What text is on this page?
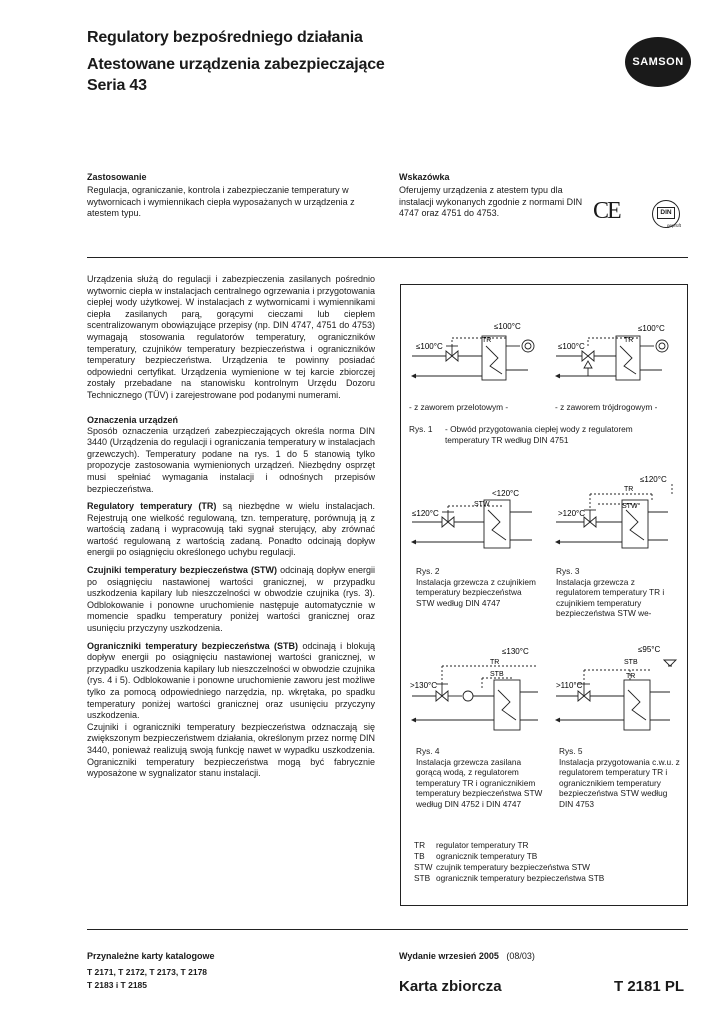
Regulatory bezpośredniego działania
Atestowane urządzenia zabezpieczające
Seria 43
SAMSON
Zastosowanie

Regulacja, ograniczanie, kontrola i zabezpieczanie temperatury w wytwornicach i wymiennikach ciepła wyposażanych w urządzenia z atestem typu.

Wskazówka

Oferujemy urządzenia z atestem typu dla instalacji wykonanych zgodnie z normami DIN 4747 oraz 4751 do 4753.	CE	DIN
geprüft

Urządzenia służą do regulacji i zabezpieczenia zasilanych pośrednio wytwornic ciepła w instalacjach centralnego ogrzewania i przygotowania ciepłej wody użytkowej. W instalacjach z wytwornicami i wymiennikami ciepła zasilanych parą, gorącymi cieczami lub ciepłem scentralizowanym obowiązujące przepisy (np. DIN 4747, 4751 do 4753) wymagają stosowania regulatorów temperatury, ograniczników temperatury, czujników temperatury bezpieczeństwa i ograniczników temperatury bezpieczeństwa. Urządzenia te powinny posiadać odpowiedni certyfikat. Urządzenia wymienione w tej karcie zbiorczej zostały przebadane na stanowisku kontrolnym Urzędu Dozoru Technicznego (TÜV) i zarejestrowane pod podanymi numerami.

Oznaczenia urządzeń

Sposób oznaczenia urządzeń zabezpieczających określa norma DIN 3440 (Urządzenia do regulacji i ograniczania temperatury w instalacjach grzewczych). Temperatury podane na rys. 1 do 5 stanowią tylko propozycje zastosowania wymienionych urządzeń. Niezbędny osprzęt musi spełniać wymagania instalacji i odnośnych przepisów bezpieczeństwa.

Regulatory temperatury (TR) są niezbędne w wielu instalacjach. Rejestrują one wielkość regulowaną, tzn. temperaturę, porównują ją z wartością zadaną i wypracowują taki sygnał sterujący, aby zrównać wartość regulowaną z wartością zadaną. Ponadto odcinają dopływ energii po osiągnięciu określonego uchybu regulacji.

Czujniki temperatury bezpieczeństwa (STW) odcinają dopływ energii po osiągnięciu nastawionej wartości granicznej, w przypadku uszkodzenia kapilary lub nieszczelności w obwodzie czujnika (rys. 3). Odblokowanie i ponowne uruchomienie następuje automatycznie w momencie spadku temperatury poniżej wartości granicznej oraz usunięciu przyczyny uszkodzenia.

Ograniczniki temperatury bezpieczeństwa (STB) odcinają i blokują dopływ energii po osiągnięciu nastawionej wartości granicznej, w przypadku uszkodzenia kapilary lub nieszczelności w obwodzie czujnika (rys. 4 i 5). Odblokowanie i ponowne uruchomienie zaworu jest możliwe tylko za pomocą odpowiedniego narzędzia, np. wkrętaka, po spadku temperatury poniżej wartości granicznej oraz usunięciu przyczyny uszkodzenia.

Czujniki i ograniczniki temperatury bezpieczeństwa odznaczają się zwiększonym bezpieczeństwem działania, określonym przez normę DIN 3440, ponieważ realizują swoją funkcję nawet w wypadku uszkodzenia. Ograniczniki temperatury bezpieczeństwa mogą być fabrycznie wyposażone w sygnalizator stanu instalacji.

≤100°C
TR
≤100°C
≤100°C
TR
≤100°C
- z zaworem przelotowym -	- z zaworem trójdrogowym -
Rys. 1 - Obwód przygotowania ciepłej wody z regulatorem temperatury TR według DIN 4751
<120°C
STW
≤120°C
≤120°C
TR
STW
>120°C
Rys. 2
Instalacja grzewcza z czujnikiem temperatury bezpieczeństwa STW według DIN 4747
Rys. 3
Instalacja grzewcza z regulatorem temperatury TR i czujnikiem temperatury bezpieczeństwa STW we-
≤130°C
TR
STB
>130°C
≤95°C
STB
TR
>110°C
Rys. 4
Instalacja grzewcza zasilana gorącą wodą, z regulatorem temperatury TR i ogranicznikiem temperatury bezpieczeństwa STW według DIN 4752 i DIN 4747
Rys. 5
Instalacja przygotowania c.w.u. z regulatorem temperatury TR i ogranicznikiem temperatury bezpieczeństwa STW według DIN 4753
TR	regulator temperatury TR
TB	ogranicznik temperatury TB
STW czujnik temperatury bezpieczeństwa STW
STB ogranicznik temperatury bezpieczeństwa STB
Przynależne karty katalogowe
T 2171, T 2172, T 2173, T 2178
T 2183 i T 2185
Wydanie wrzesień 2005 (08/03)
Karta zbiorcza	T 2181 PL
